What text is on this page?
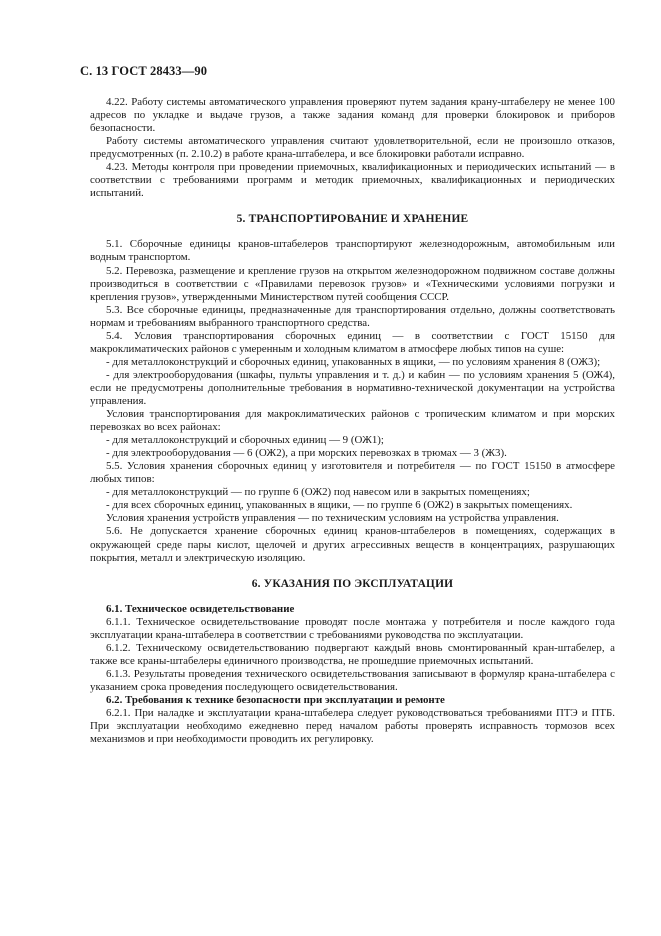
С. 13 ГОСТ 28433—90

4.22. Работу системы автоматического управления проверяют путем задания крану-штабелеру не менее 100 адресов по укладке и выдаче грузов, а также задания команд для проверки блокировок и приборов безопасности.

Работу системы автоматического управления считают удовлетворительной, если не произошло отказов, предусмотренных (п. 2.10.2) в работе крана-штабелера, и все блокировки работали исправно.

4.23. Методы контроля при проведении приемочных, квалификационных и периодических испытаний — в соответствии с требованиями программ и методик приемочных, квалификационных и периодических испытаний.

5. ТРАНСПОРТИРОВАНИЕ И ХРАНЕНИЕ

5.1. Сборочные единицы кранов-штабелеров транспортируют железнодорожным, автомобильным или водным транспортом.

5.2. Перевозка, размещение и крепление грузов на открытом железнодорожном подвижном составе должны производиться в соответствии с «Правилами перевозок грузов» и «Техническими условиями погрузки и крепления грузов», утвержденными Министерством путей сообщения СССР.

5.3. Все сборочные единицы, предназначенные для транспортирования отдельно, должны соответствовать нормам и требованиям выбранного транспортного средства.

5.4. Условия транспортирования сборочных единиц — в соответствии с ГОСТ 15150 для макроклиматических районов с умеренным и холодным климатом в атмосфере любых типов на суше:

- для металлоконструкций и сборочных единиц, упакованных в ящики, — по условиям хранения 8 (ОЖ3);

- для электрооборудования (шкафы, пульты управления и т. д.) и кабин — по условиям хранения 5 (ОЖ4), если не предусмотрены дополнительные требования в нормативно-технической документации на устройства управления.

Условия транспортирования для макроклиматических районов с тропическим климатом и при морских перевозках во всех районах:

- для металлоконструкций и сборочных единиц — 9 (ОЖ1);

- для электрооборудования — 6 (ОЖ2), а при морских перевозках в трюмах — 3 (Ж3).

5.5. Условия хранения сборочных единиц у изготовителя и потребителя — по ГОСТ 15150 в атмосфере любых типов:

- для металлоконструкций — по группе 6 (ОЖ2) под навесом или в закрытых помещениях;

- для всех сборочных единиц, упакованных в ящики, — по группе 6 (ОЖ2) в закрытых помещениях.

Условия хранения устройств управления — по техническим условиям на устройства управления.

5.6. Не допускается хранение сборочных единиц кранов-штабелеров в помещениях, содержащих в окружающей среде пары кислот, щелочей и других агрессивных веществ в концентрациях, разрушающих покрытия, металл и электрическую изоляцию.

6. УКАЗАНИЯ ПО ЭКСПЛУАТАЦИИ

6.1. Техническое освидетельствование

6.1.1. Техническое освидетельствование проводят после монтажа у потребителя и после каждого года эксплуатации крана-штабелера в соответствии с требованиями руководства по эксплуатации.

6.1.2. Техническому освидетельствованию подвергают каждый вновь смонтированный кран-штабелер, а также все краны-штабелеры единичного производства, не прошедшие приемочных испытаний.

6.1.3. Результаты проведения технического освидетельствования записывают в формуляр крана-штабелера с указанием срока проведения последующего освидетельствования.

6.2. Требования к технике безопасности при эксплуатации и ремонте

6.2.1. При наладке и эксплуатации крана-штабелера следует руководствоваться требованиями ПТЭ и ПТБ. При эксплуатации необходимо ежедневно перед началом работы проверять исправность тормозов всех механизмов и при необходимости проводить их регулировку.
